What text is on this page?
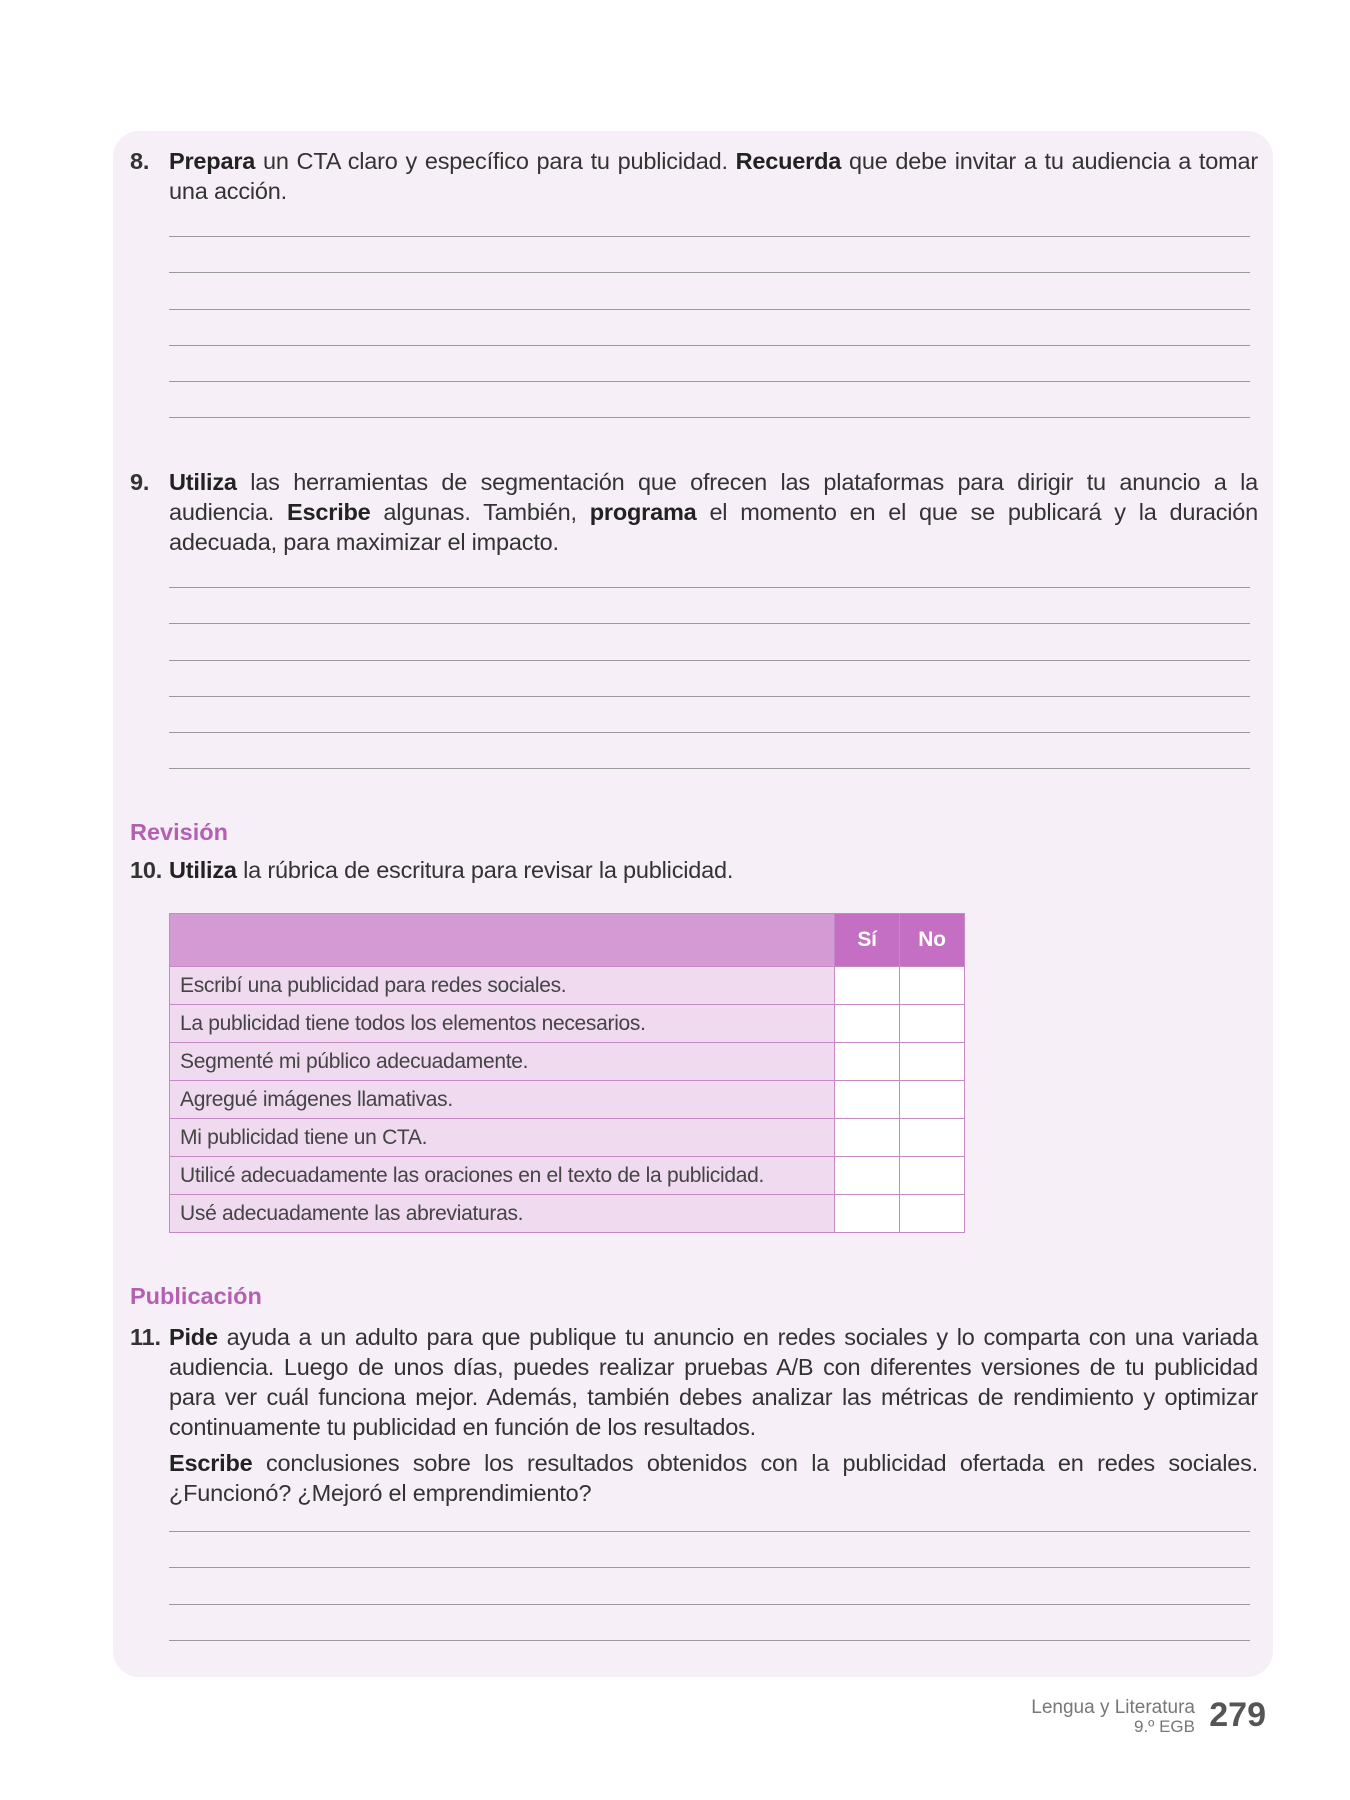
8. Prepara un CTA claro y específico para tu publicidad. Recuerda que debe invitar a tu audiencia a tomar una acción.
9. Utiliza las herramientas de segmentación que ofrecen las plataformas para dirigir tu anuncio a la audiencia. Escribe algunas. También, programa el momento en el que se publicará y la duración adecuada, para maximizar el impacto.
Revisión
10. Utiliza la rúbrica de escritura para revisar la publicidad.
	Sí	No
Escribí una publicidad para redes sociales.		
La publicidad tiene todos los elementos necesarios.		
Segmenté mi público adecuadamente.		
Agregué imágenes llamativas.		
Mi publicidad tiene un CTA.		
Utilicé adecuadamente las oraciones en el texto de la publicidad.		
Usé adecuadamente las abreviaturas.		
Publicación
11. Pide ayuda a un adulto para que publique tu anuncio en redes sociales y lo comparta con una variada audiencia. Luego de unos días, puedes realizar pruebas A/B con diferentes versiones de tu publicidad para ver cuál funciona mejor. Además, también debes analizar las métricas de rendimiento y optimizar continuamente tu publicidad en función de los resultados.
Escribe conclusiones sobre los resultados obtenidos con la publicidad ofertada en redes sociales. ¿Funcionó? ¿Mejoró el emprendimiento?
Lengua y Literatura
9.º EGB 279
